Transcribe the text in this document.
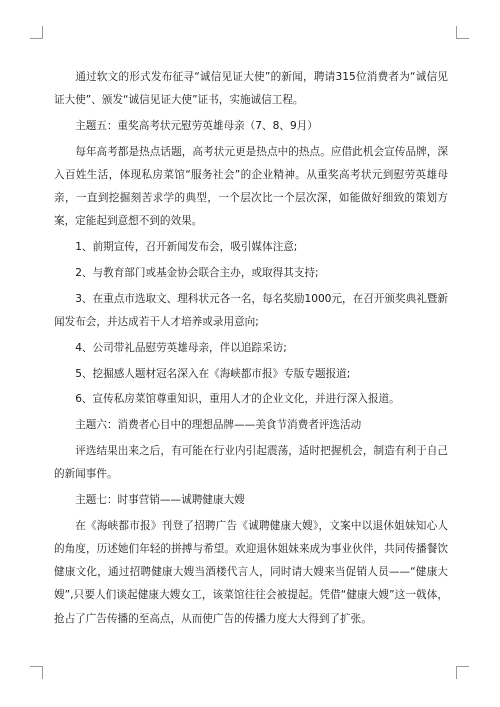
通过软文的形式发布征寻“诚信见证大使”的新闻，聘请315位消费者为“诚信见证大使”、颁发“诚信见证大使”证书，实施诚信工程。

主题五：重奖高考状元慰劳英雄母亲（7、8、9月）

每年高考都是热点话题，高考状元更是热点中的热点。应借此机会宣传品牌，深入百姓生活，体现私房菜馆“服务社会”的企业精神。从重奖高考状元到慰劳英雄母亲，一直到挖掘刻苦求学的典型，一个层次比一个层次深，如能做好细致的策划方案，定能起到意想不到的效果。

1、前期宣传，召开新闻发布会，吸引媒体注意;

2、与教育部门或基金协会联合主办，或取得其支持;

3、在重点市选取文、理科状元各一名，每名奖励1000元，在召开颁奖典礼暨新闻发布会，并达成若干人才培养或录用意向;

4、公司带礼品慰劳英雄母亲，伴以追踪采访;

5、挖掘感人题材冠名深入在《海峡都市报》专版专题报道;

6、宣传私房菜馆尊重知识，重用人才的企业文化，并进行深入报道。

主题六：消费者心目中的理想品牌——美食节消费者评选活动

评选结果出来之后，有可能在行业内引起震荡，适时把握机会，制造有利于自己的新闻事件。

主题七：时事营销——诚聘健康大嫂

在《海峡都市报》刊登了招聘广告《诚聘健康大嫂》，文案中以退休姐妹知心人的角度，历述她们年轻的拼搏与希望。欢迎退休姐妹来成为事业伙伴，共同传播餐饮健康文化，通过招聘健康大嫂当酒楼代言人，同时请大嫂来当促销人员——“健康大嫂”,只要人们谈起健康大嫂女工，该菜馆往往会被提起。凭借“健康大嫂”这一戟体，抢占了广告传播的至高点，从而使广告的传播力度大大得到了扩张。
